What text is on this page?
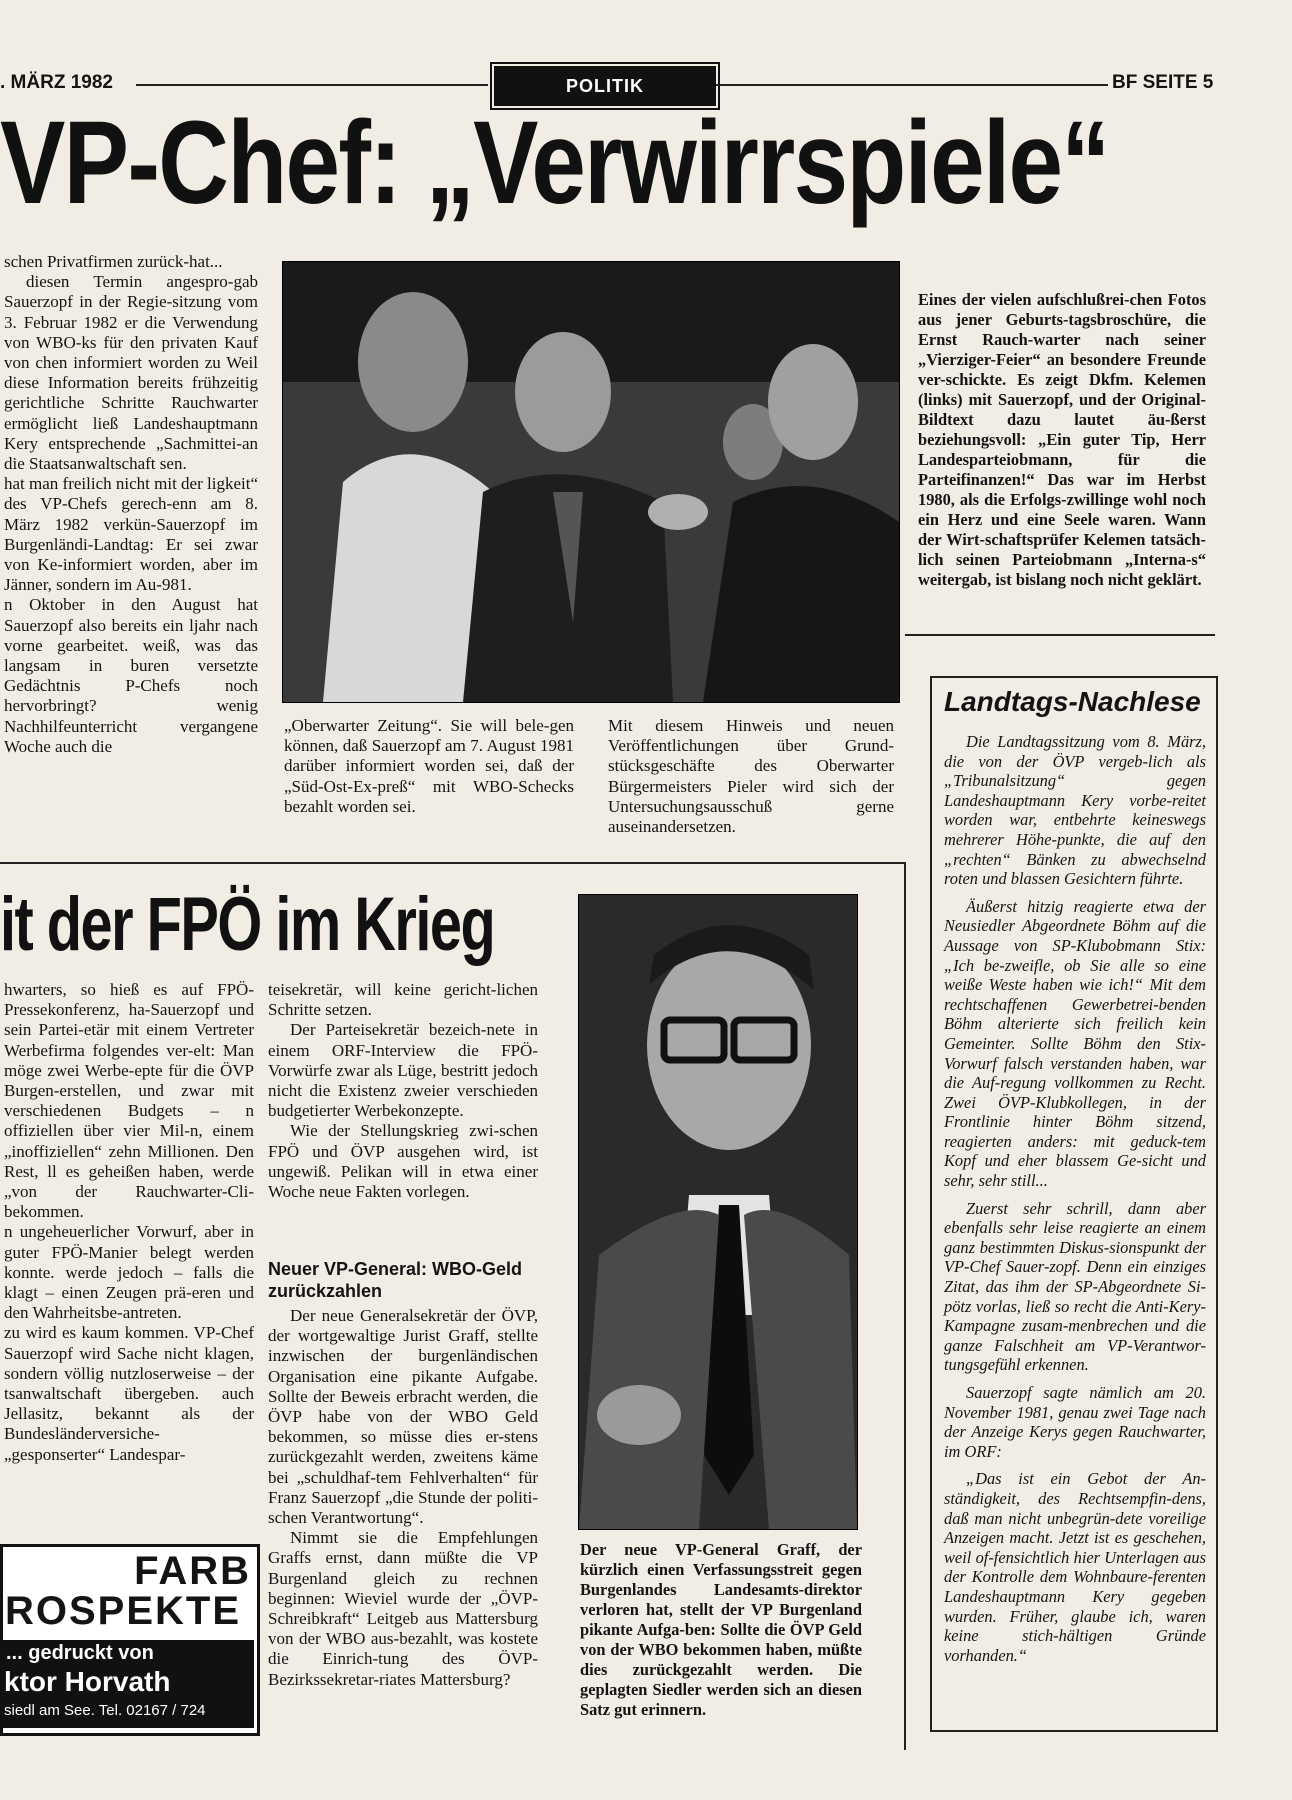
. MÄRZ 1982	POLITIK	BF SEITE 5
VP-Chef: „Verwirrspiele“

schen Privatfirmen zurück-hat...

diesen Termin angespro-gab Sauerzopf in der Regie-sitzung vom 3. Februar 1982 er die Verwendung von WBO-ks für den privaten Kauf von chen informiert worden zu Weil diese Information bereits frühzeitig gerichtliche Schritte Rauchwarter ermöglicht ließ Landeshauptmann Kery entsprechende „Sachmittei-an die Staatsanwaltschaft sen.

hat man freilich nicht mit der ligkeit“ des VP-Chefs gerech-enn am 8. März 1982 verkün-Sauerzopf im Burgenländi-Landtag: Er sei zwar von Ke-informiert worden, aber im Jänner, sondern im Au-981.

n Oktober in den August hat Sauerzopf also bereits ein ljahr nach vorne gearbeitet. weiß, was das langsam in buren versetzte Gedächtnis P-Chefs noch hervorbringt? wenig Nachhilfeunterricht vergangene Woche auch die

Eines der vielen aufschlußrei-chen Fotos aus jener Geburts-tagsbroschüre, die Ernst Rauch-warter nach seiner „Vierziger-Feier“ an besondere Freunde ver-schickte. Es zeigt Dkfm. Kelemen (links) mit Sauerzopf, und der Original-Bildtext dazu lautet äu-ßerst beziehungsvoll: „Ein guter Tip, Herr Landesparteiobmann, für die Parteifinanzen!“ Das war im Herbst 1980, als die Erfolgs-zwillinge wohl noch ein Herz und eine Seele waren. Wann der Wirt-schaftsprüfer Kelemen tatsäch-lich seinen Parteiobmann „Interna-s“ weitergab, ist bislang noch nicht geklärt.
„Oberwarter Zeitung“. Sie will bele-gen können, daß Sauerzopf am 7. August 1981 darüber informiert worden sei, daß der „Süd-Ost-Ex-preß“ mit WBO-Schecks bezahlt worden sei.
Mit diesem Hinweis und neuen Veröffentlichungen über Grund-stücksgeschäfte des Oberwarter Bürgermeisters Pieler wird sich der Untersuchungsausschuß gerne auseinandersetzen.
it der FPÖ im Krieg

hwarters, so hieß es auf FPÖ-Pressekonferenz, ha-Sauerzopf und sein Partei-etär mit einem Vertreter Werbefirma folgendes ver-elt: Man möge zwei Werbe-epte für die ÖVP Burgen-erstellen, und zwar mit verschiedenen Budgets – n offiziellen über vier Mil-n, einem „inoffiziellen“ zehn Millionen. Den Rest, ll es geheißen haben, werde „von der Rauchwarter-Cli-bekommen.

n ungeheuerlicher Vorwurf, aber in guter FPÖ-Manier belegt werden konnte. werde jedoch – falls die klagt – einen Zeugen prä-eren und den Wahrheitsbe-antreten.

zu wird es kaum kommen. VP-Chef Sauerzopf wird Sache nicht klagen, sondern völlig nutzloserweise – der tsanwaltschaft übergeben. auch Jellasitz, bekannt als der Bundesländerversiche-„gesponserter“ Landespar-

teisekretär, will keine gericht-lichen Schritte setzen.

Der Parteisekretär bezeich-nete in einem ORF-Interview die FPÖ-Vorwürfe zwar als Lüge, bestritt jedoch nicht die Existenz zweier verschieden budgetierter Werbekonzepte.

Wie der Stellungskrieg zwi-schen FPÖ und ÖVP ausgehen wird, ist ungewiß. Pelikan will in etwa einer Woche neue Fakten vorlegen.

Neuer VP-General: WBO-Geld zurückzahlen

Der neue Generalsekretär der ÖVP, der wortgewaltige Jurist Graff, stellte inzwischen der burgenländischen Organisation eine pikante Aufgabe. Sollte der Beweis erbracht werden, die ÖVP habe von der WBO Geld bekommen, so müsse dies er-stens zurückgezahlt werden, zweitens käme bei „schuldhaf-tem Fehlverhalten“ für Franz Sauerzopf „die Stunde der politi-schen Verantwortung“.

Nimmt sie die Empfehlungen Graffs ernst, dann müßte die VP Burgenland gleich zu rechnen beginnen: Wieviel wurde der „ÖVP-Schreibkraft“ Leitgeb aus Mattersburg von der WBO aus-bezahlt, was kostete die Einrich-tung des ÖVP-Bezirkssekretar-riates Mattersburg?

Der neue VP-General Graff, der kürzlich einen Verfassungsstreit gegen Burgenlandes Landesamts-direktor verloren hat, stellt der VP Burgenland pikante Aufga-ben: Sollte die ÖVP Geld von der WBO bekommen haben, müßte dies zurückgezahlt werden. Die geplagten Siedler werden sich an diesen Satz gut erinnern.
Landtags-Nachlese

Die Landtagssitzung vom 8. März, die von der ÖVP vergeb-lich als „Tribunalsitzung“ gegen Landeshauptmann Kery vorbe-reitet worden war, entbehrte keineswegs mehrerer Höhe-punkte, die auf den „rechten“ Bänken zu abwechselnd roten und blassen Gesichtern führte.

Äußerst hitzig reagierte etwa der Neusiedler Abgeordnete Böhm auf die Aussage von SP-Klubobmann Stix: „Ich be-zweifle, ob Sie alle so eine weiße Weste haben wie ich!“ Mit dem rechtschaffenen Gewerbetrei-benden Böhm alterierte sich freilich kein Gemeinter. Sollte Böhm den Stix-Vorwurf falsch verstanden haben, war die Auf-regung vollkommen zu Recht. Zwei ÖVP-Klubkollegen, in der Frontlinie hinter Böhm sitzend, reagierten anders: mit geduck-tem Kopf und eher blassem Ge-sicht und sehr, sehr still...

Zuerst sehr schrill, dann aber ebenfalls sehr leise reagierte an einem ganz bestimmten Diskus-sionspunkt der VP-Chef Sauer-zopf. Denn ein einziges Zitat, das ihm der SP-Abgeordnete Si-pötz vorlas, ließ so recht die Anti-Kery-Kampagne zusam-menbrechen und die ganze Falschheit am VP-Verantwor-tungsgefühl erkennen.

Sauerzopf sagte nämlich am 20. November 1981, genau zwei Tage nach der Anzeige Kerys gegen Rauchwarter, im ORF:

„Das ist ein Gebot der An-ständigkeit, des Rechtsempfin-dens, daß man nicht unbegrün-dete voreilige Anzeigen macht. Jetzt ist es geschehen, weil of-fensichtlich hier Unterlagen aus der Kontrolle dem Wohnbaure-ferenten Landeshauptmann Kery gegeben wurden. Früher, glaube ich, waren keine stich-hältigen Gründe vorhanden.“

FARB
ROSPEKTE
... gedruckt von
ktor Horvath
siedl am See. Tel. 02167 / 724
